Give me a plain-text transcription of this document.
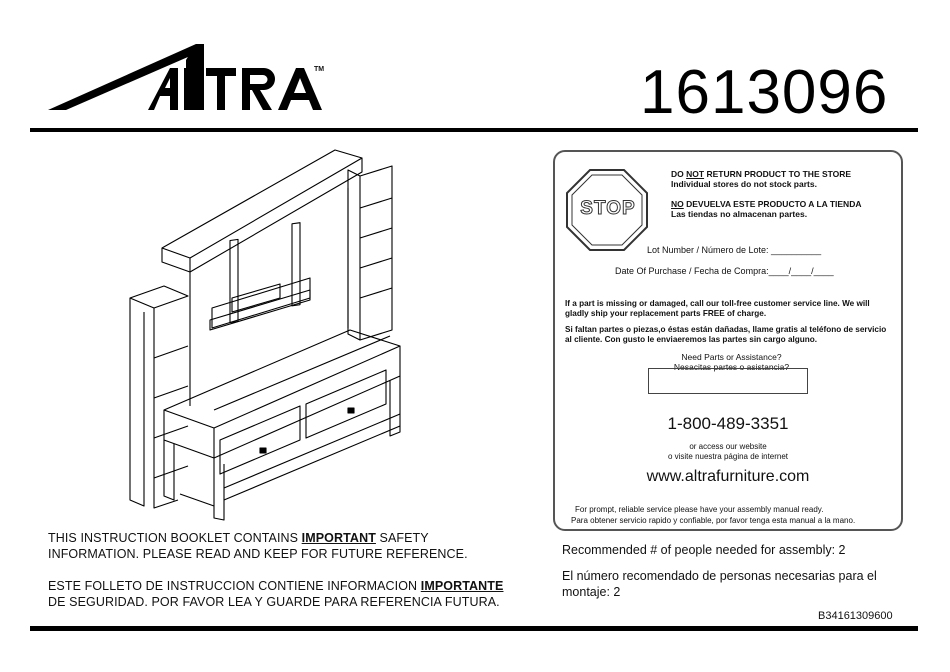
TM	1613096
STOP
DO NOT RETURN PRODUCT TO THE STORE
Individual stores do not stock parts.
NO DEVUELVA ESTE PRODUCTO A LA TIENDA
Las tiendas no almacenan partes.
Lot Number / Número de Lote: __________
Date Of Purchase / Fecha de Compra:____/____/____
If a part is missing or damaged, call our toll-free customer service line. We will gladly ship your replacement parts FREE of charge.
Si faltan partes o piezas,o éstas están dañadas, llame gratis al teléfono de servicio al cliente. Con gusto le enviaeremos las partes sin cargo alguno.
Need Parts or Assistance?
Nesacitas partes o asistancia?
1-800-489-3351
or access our website
o visite nuestra página de internet
www.altrafurniture.com
For prompt, reliable service please have your assembly manual ready.
Para obtener servicio rapido y confiable, por favor tenga esta manual a la mano.
THIS INSTRUCTION BOOKLET CONTAINS IMPORTANT SAFETY
INFORMATION. PLEASE READ AND KEEP FOR FUTURE REFERENCE.
ESTE FOLLETO DE INSTRUCCION CONTIENE INFORMACION IMPORTANTE
DE SEGURIDAD. POR FAVOR LEA Y GUARDE PARA REFERENCIA FUTURA.
Recommended # of people needed for assembly: 2
El número recomendado de personas necesarias para el
montaje: 2
B34161309600
